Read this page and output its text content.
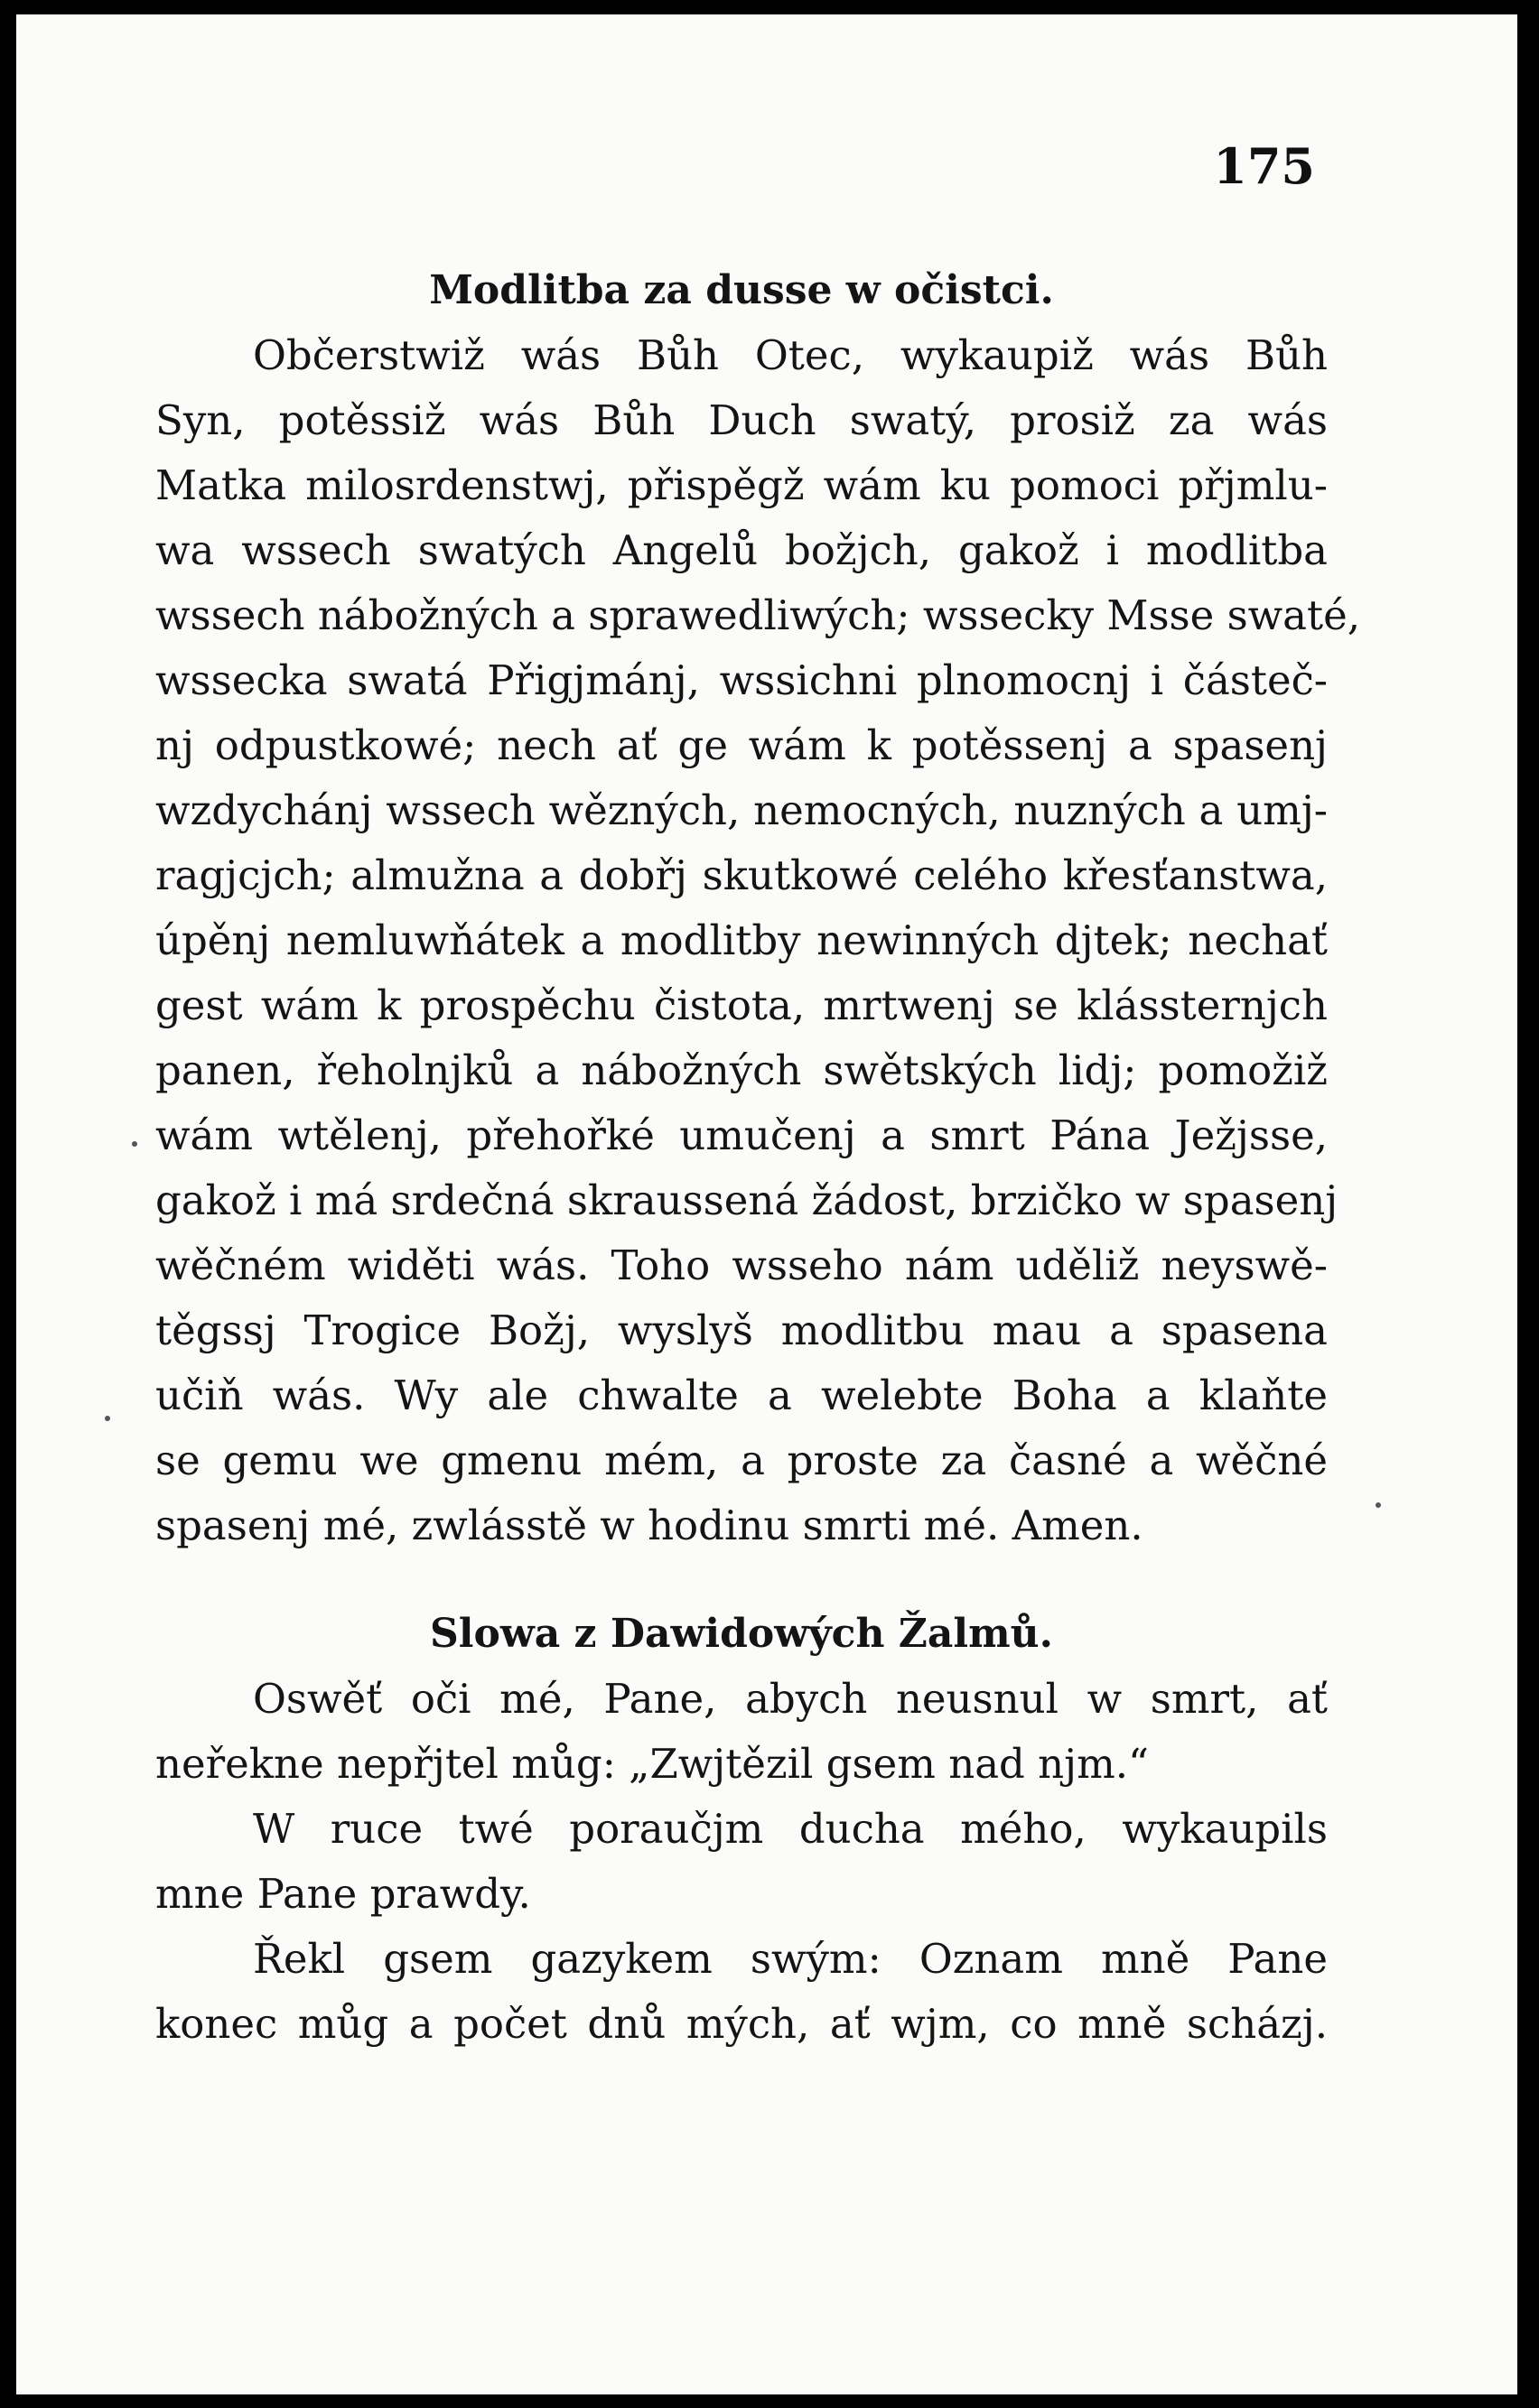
175
Modlitba za dusse w očistci.
Občerstwiž wás Bůh Otec, wykaupiž wás Bůh
Syn, potěssiž wás Bůh Duch swatý, prosiž za wás
Matka milosrdenstwj, přispěgž wám ku pomoci přjmlu-
wa wssech swatých Angelů božjch, gakož i modlitba
wssech nábožných a sprawedliwých; wssecky Msse swaté,
wssecka swatá Přigjmánj, wssichni plnomocnj i částeč-
nj odpustkowé; nech ať ge wám k potěssenj a spasenj
wzdychánj wssech wězných, nemocných, nuzných a umj-
ragjcjch; almužna a dobřj skutkowé celého křesťanstwa,
úpěnj nemluwňátek a modlitby newinných djtek; nechať
gest wám k prospěchu čistota, mrtwenj se klássternjch
panen, řeholnjků a nábožných swětských lidj; pomožiž
wám wtělenj, přehořké umučenj a smrt Pána Ježjsse,
gakož i má srdečná skraussená žádost, brzičko w spasenj
wěčném widěti wás. Toho wsseho nám uděliž neyswě-
těgssj Trogice Božj, wyslyš modlitbu mau a spasena
učiň wás. Wy ale chwalte a welebte Boha a klaňte
se gemu we gmenu mém, a proste za časné a wěčné
spasenj mé, zwlásstě w hodinu smrti mé. Amen.
Slowa z Dawidowých Žalmů.
Oswěť oči mé, Pane, abych neusnul w smrt, ať
neřekne nepřjtel můg: „Zwjtězil gsem nad njm.“
W ruce twé poraučjm ducha mého, wykaupils
mne Pane prawdy.
Řekl gsem gazykem swým: Oznam mně Pane
konec můg a počet dnů mých, ať wjm, co mně scházj.
